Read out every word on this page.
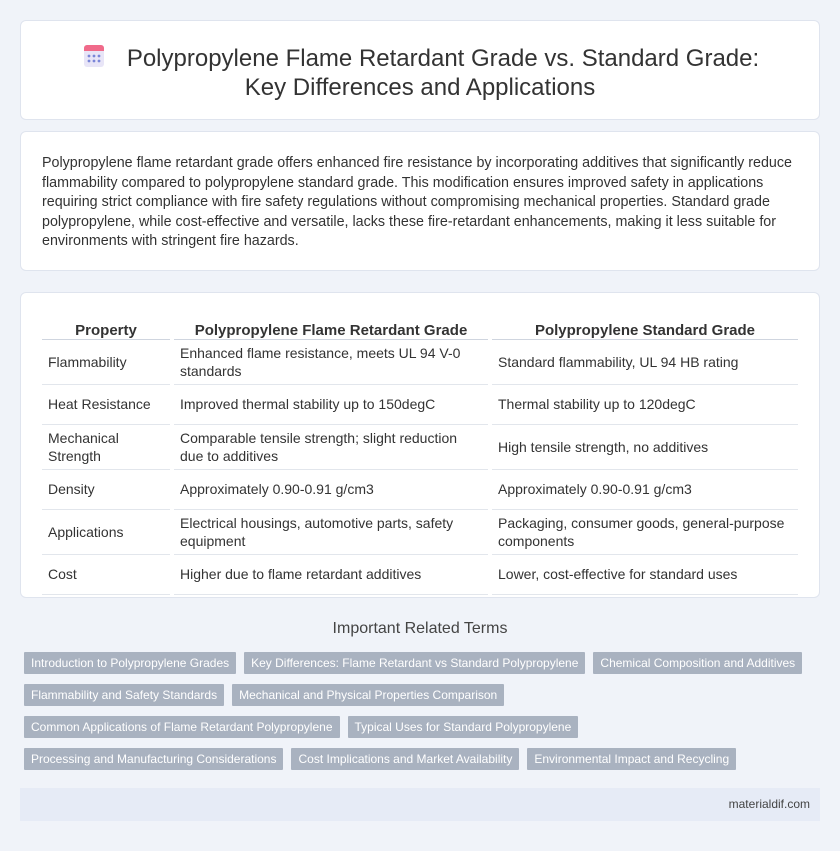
Polypropylene Flame Retardant Grade vs. Standard Grade: Key Differences and Applications

Polypropylene flame retardant grade offers enhanced fire resistance by incorporating additives that significantly reduce flammability compared to polypropylene standard grade. This modification ensures improved safety in applications requiring strict compliance with fire safety regulations without compromising mechanical properties. Standard grade polypropylene, while cost-effective and versatile, lacks these fire-retardant enhancements, making it less suitable for environments with stringent fire hazards.

Property	Polypropylene Flame Retardant Grade	Polypropylene Standard Grade
Flammability	Enhanced flame resistance, meets UL 94 V-0 standards	Standard flammability, UL 94 HB rating
Heat Resistance	Improved thermal stability up to 150degC	Thermal stability up to 120degC
Mechanical Strength	Comparable tensile strength; slight reduction due to additives	High tensile strength, no additives
Density	Approximately 0.90-0.91 g/cm3	Approximately 0.90-0.91 g/cm3
Applications	Electrical housings, automotive parts, safety equipment	Packaging, consumer goods, general-purpose components
Cost	Higher due to flame retardant additives	Lower, cost-effective for standard uses
Important Related Terms
Introduction to Polypropylene Grades	Key Differences: Flame Retardant vs Standard Polypropylene	Chemical Composition and Additives
Flammability and Safety Standards	Mechanical and Physical Properties Comparison
Common Applications of Flame Retardant Polypropylene	Typical Uses for Standard Polypropylene
Processing and Manufacturing Considerations	Cost Implications and Market Availability	Environmental Impact and Recycling
materialdif.com
